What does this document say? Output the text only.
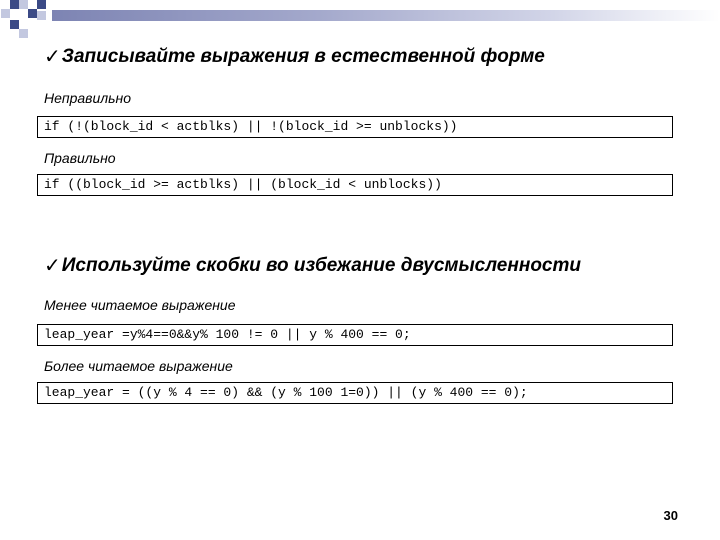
✓ Записывайте выражения в естественной форме
Неправильно
if (!(block_id < actblks) || !(block_id >= unblocks))
Правильно
if ((block_id >= actblks) || (block_id < unblocks))
✓ Используйте скобки во избежание двусмысленности
Менее читаемое выражение
leap_year =y%4==0&&y% 100 != 0 || y % 400 == 0;
Более читаемое выражение
leap_year = ((y % 4 == 0) && (y % 100 1=0)) || (y % 400 == 0);
30
